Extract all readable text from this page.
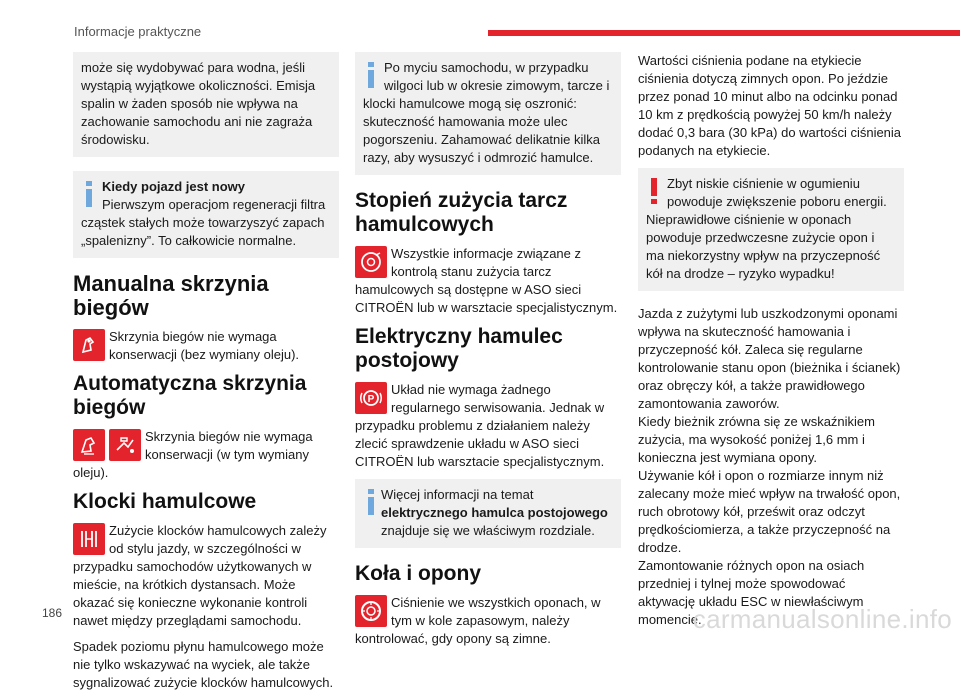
Informacje praktyczne

może się wydobywać para wodna, jeśli wystąpią wyjątkowe okoliczności. Emisja spalin w żaden sposób nie wpływa na zachowanie samochodu ani nie zagraża środowisku.

Kiedy pojazd jest nowy
Pierwszym operacjom regeneracji filtra cząstek stałych może towarzyszyć zapach „spalenizny”. To całkowicie normalne.

Manualna skrzynia biegów
Skrzynia biegów nie wymaga konserwacji (bez wymiany oleju).
Automatyczna skrzynia biegów
Skrzynia biegów nie wymaga konserwacji (w tym wymiany oleju).
Klocki hamulcowe
Zużycie klocków hamulcowych zależy od stylu jazdy, w szczególności w przypadku samochodów użytkowanych w mieście, na krótkich dystansach. Może okazać się konieczne wykonanie kontroli nawet między przeglądami samochodu.
Spadek poziomu płynu hamulcowego może nie tylko wskazywać na wyciek, ale także sygnalizować zużycie klocków hamulcowych.

Po myciu samochodu, w przypadku wilgoci lub w okresie zimowym, tarcze i klocki hamulcowe mogą się oszronić: skuteczność hamowania może ulec pogorszeniu. Zahamować delikatnie kilka razy, aby wysuszyć i odmrozić hamulce.

Stopień zużycia tarcz hamulcowych
Wszystkie informacje związane z kontrolą stanu zużycia tarcz hamulcowych są dostępne w ASO sieci CITROËN lub w warsztacie specjalistycznym.
Elektryczny hamulec postojowy
P
Układ nie wymaga żadnego regularnego serwisowania. Jednak w przypadku problemu z działaniem należy zlecić sprawdzenie układu w ASO sieci CITROËN lub warsztacie specjalistycznym.

Więcej informacji na temat elektrycznego hamulca postojowego znajduje się we właściwym rozdziale.

Koła i opony
Ciśnienie we wszystkich oponach, w tym w kole zapasowym, należy kontrolować, gdy opony są zimne.
Wartości ciśnienia podane na etykiecie ciśnienia dotyczą zimnych opon. Po jeździe przez ponad 10 minut albo na odcinku ponad 10 km z prędkością powyżej 50 km/h należy dodać 0,3 bara (30 kPa) do wartości ciśnienia podanych na etykiecie.

Zbyt niskie ciśnienie w ogumieniu powoduje zwiększenie poboru energii. Nieprawidłowe ciśnienie w oponach powoduje przedwczesne zużycie opon i ma niekorzystny wpływ na przyczepność kół na drodze – ryzyko wypadku!

Jazda z zużytymi lub uszkodzonymi oponami wpływa na skuteczność hamowania i przyczepność kół. Zaleca się regularne kontrolowanie stanu opon (bieżnika i ścianek) oraz obręczy kół, a także prawidłowego zamontowania zaworów.
Kiedy bieżnik zrówna się ze wskaźnikiem zużycia, ma wysokość poniżej 1,6 mm i konieczna jest wymiana opony.
Używanie kół i opon o rozmiarze innym niż zalecany może mieć wpływ na trwałość opon, ruch obrotowy kół, prześwit oraz odczyt prędkościomierza, a także przyczepność na drodze.
Zamontowanie różnych opon na osiach przedniej i tylnej może spowodować aktywację układu ESC w niewłaściwym momencie.
186	carmanualsonline.info
